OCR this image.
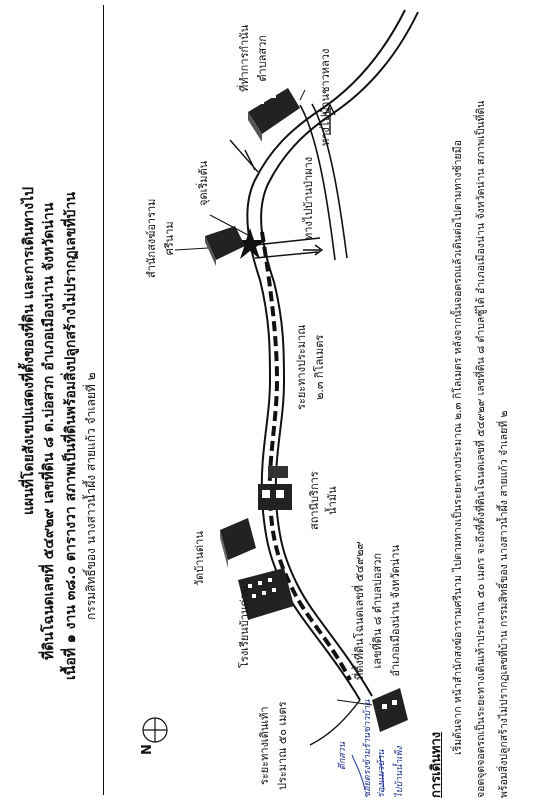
แผนที่โดยสังเขปแสดงที่ตั้งของที่ดิน และการเดินทางไป ที่ดินโฉนดเลขที่ ๕๔๙๒๙ เลขที่ดิน ๘ ต.บ่อสวก อำเภอเมืองน่าน จังหวัดน่าน เนื้อที่ ๑ งาน ๓๘.๐ ตารางวา สภาพเป็นที่ดินพร้อมสิ่งปลูกสร้างไม่ปรากฏเลขที่บ้าน กรรมสิทธิ์ของ นางสาวน้ำผึ้ง สายแก้ว จำเลยที่ ๒
ที่ทำการกำนัน
ตำบลสวก	ทางไปบ้านชาวหลวง
ทางไปบ้านป่าผาง
จุดเริ่มต้น
สำนักสงฆ์อาราม
ศรีนาม
ระยะทางประมาณ
๒.๓ กิโลเมตร
สถานีบริการ
น้ำมัน
วัดบ้านด่าน
โรงเรียนบ้านด่าน	ที่ตั้งที่ดินโฉนดเลขที่ ๕๔๙๒๙
เลขที่ดิน ๘ ตำบลบ่อสวก
อำเภอเมืองน่าน จังหวัดน่าน
ระยะทางเดินเท้า
ประมาณ ๕๐ เมตร
N	ตึกสวน	ซอยตรงข้ามร้านข่าวบ้าน
ร่องแมวบ้าน ไปบ้านน้ำเพ็ง	การเดินทาง
เริ่มต้นจาก หน้าสำนักสงฆ์อารามศรีนาม ไปตามทางเป็นระยะทางประมาณ ๒.๓ กิโลเมตร หลังจากนั้นจอดรถแล้วเดินต่อไปตามทางซ้ายมือ จอดจุดจอดรถเป็นระยะทางเดินเท้าประมาณ ๕๐ เมตร จะถึงที่ตั้งที่ดินโฉนดเลขที่ ๕๔๙๒๙ เลขที่ดิน ๘ ตำบลซู้ได้ อำเภอเมืองน่าน จังหวัดน่าน สภาพเป็นที่ดิน พร้อมสิ่งปลูกสร้างไม่ปรากฏเลขที่บ้าน กรรมสิทธิ์ของ นางสาวน้ำผึ้ง สายแก้ว จำเลยที่ ๒
